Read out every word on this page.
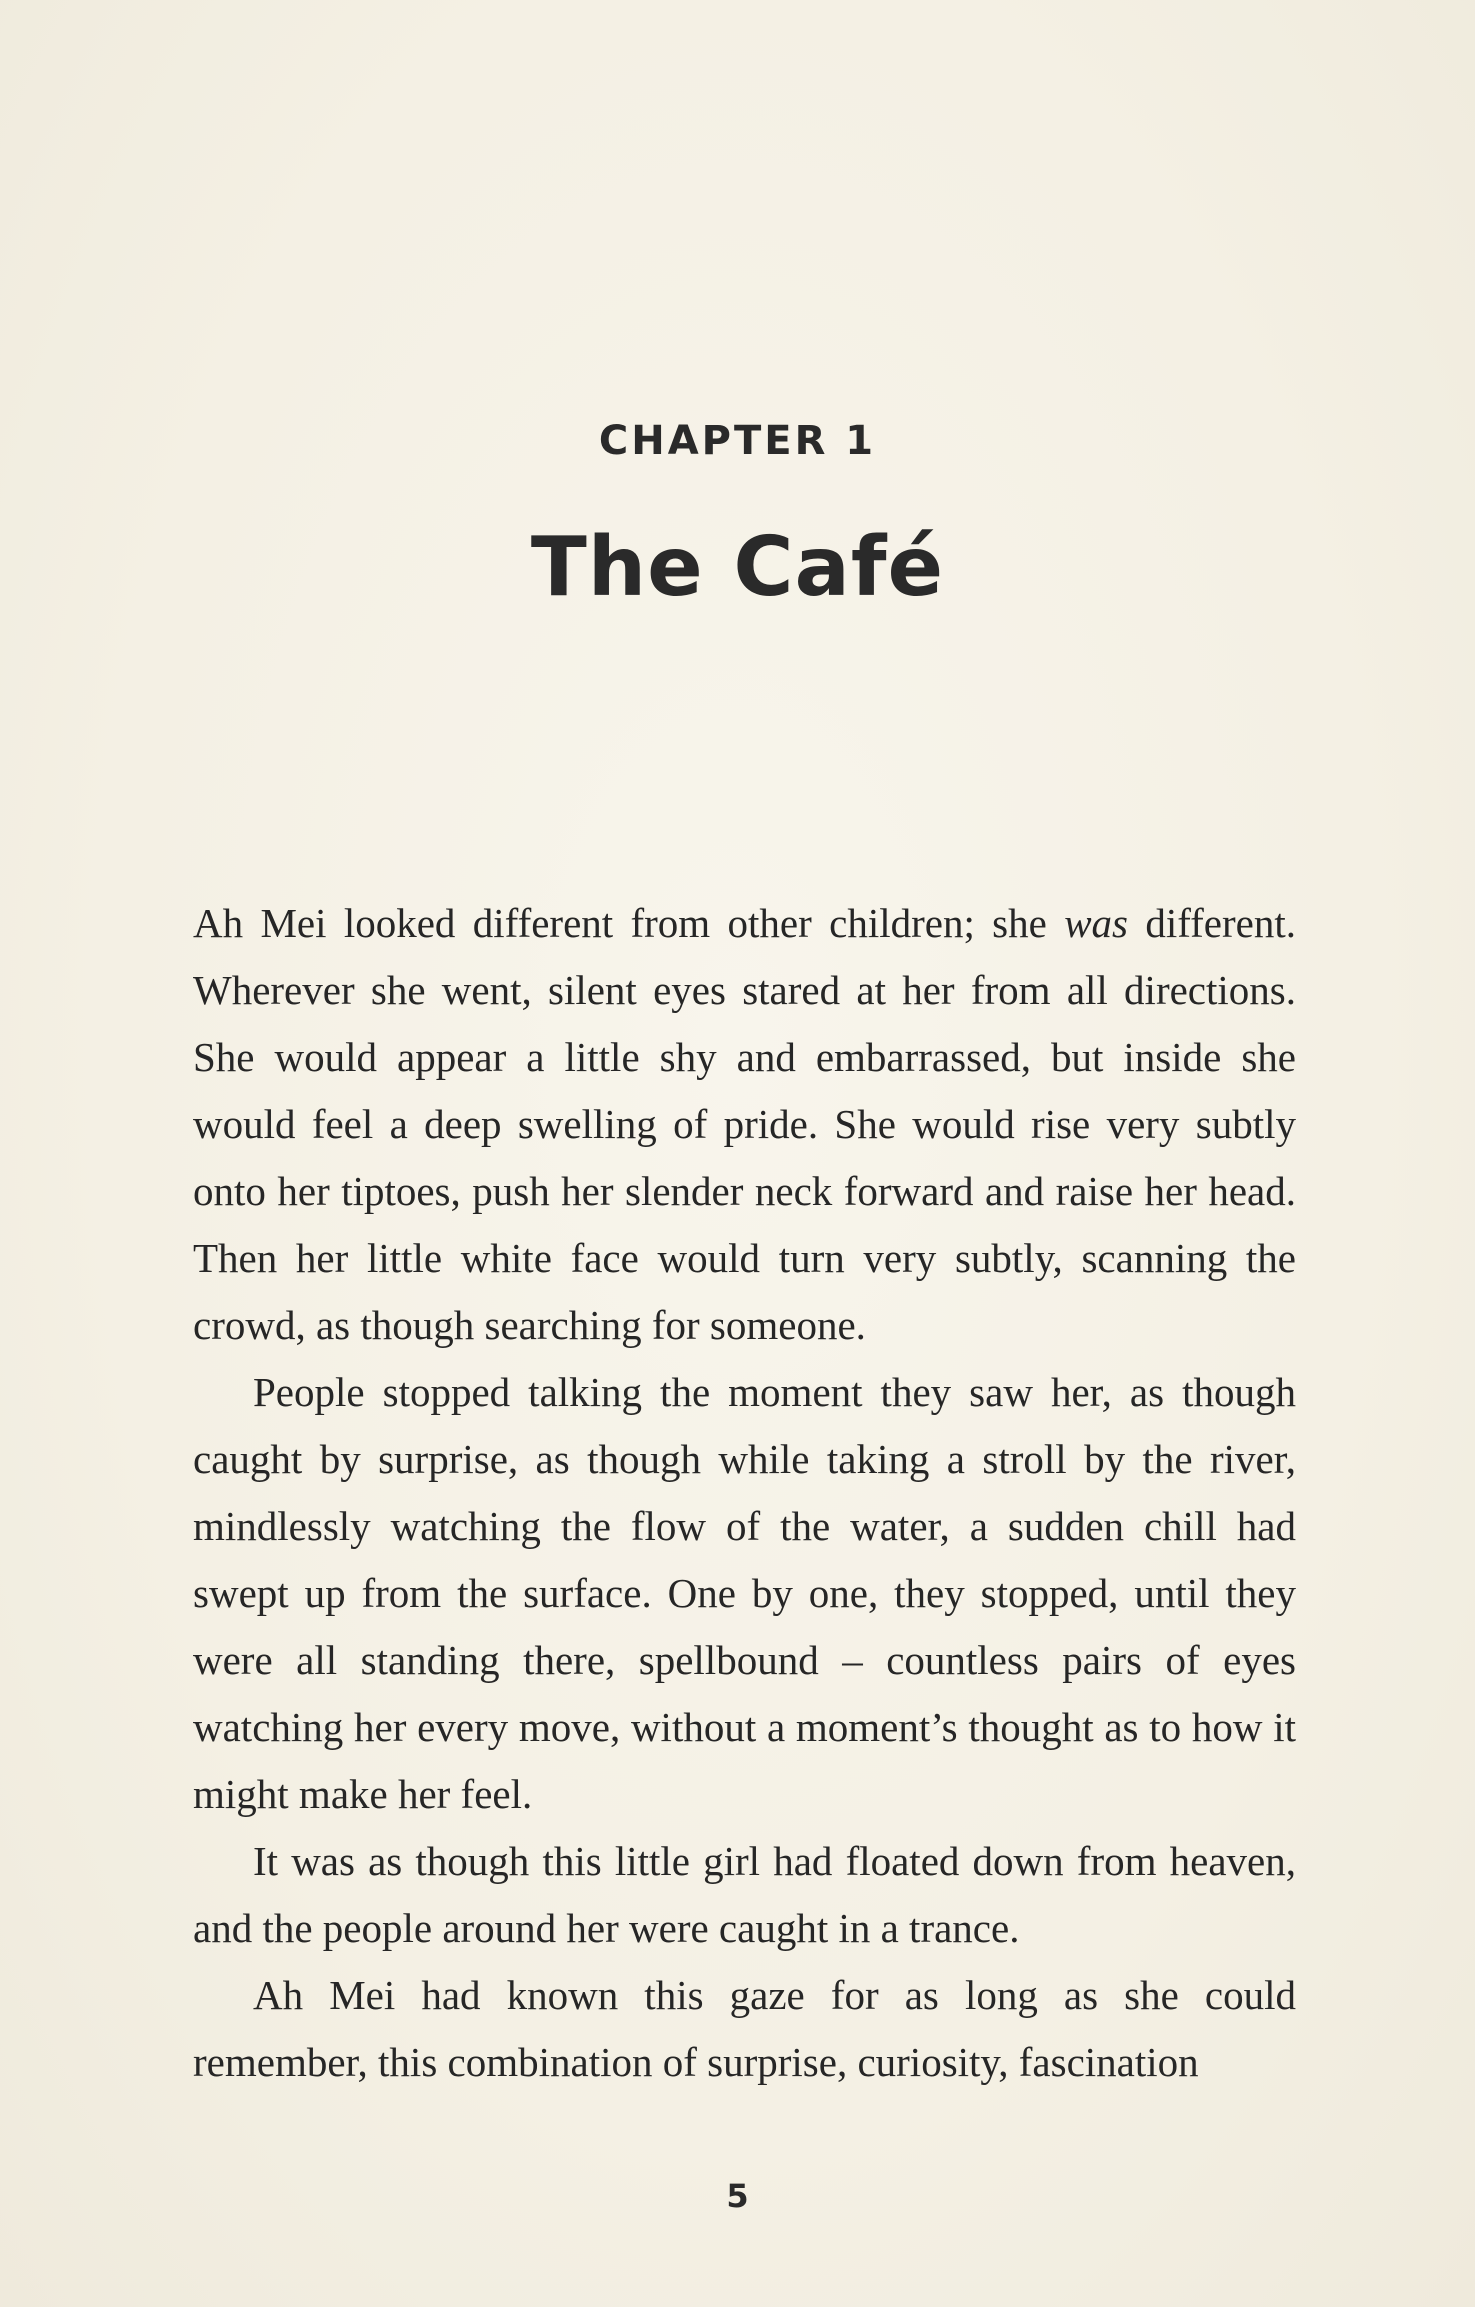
CHAPTER 1
The Café

Ah Mei looked different from other children; she was different. Wherever she went, silent eyes stared at her from all directions. She would appear a little shy and embarrassed, but inside she would feel a deep swelling of pride. She would rise very subtly onto her tiptoes, push her slender neck forward and raise her head. Then her little white face would turn very subtly, scanning the crowd, as though searching for someone.

People stopped talking the moment they saw her, as though caught by surprise, as though while taking a stroll by the river, mindlessly watching the flow of the water, a sudden chill had swept up from the surface. One by one, they stopped, until they were all standing there, spellbound – countless pairs of eyes watching her every move, without a moment’s thought as to how it might make her feel.

It was as though this little girl had floated down from heaven, and the people around her were caught in a trance.

Ah Mei had known this gaze for as long as she could remember, this combination of surprise, curiosity, fascination

5
